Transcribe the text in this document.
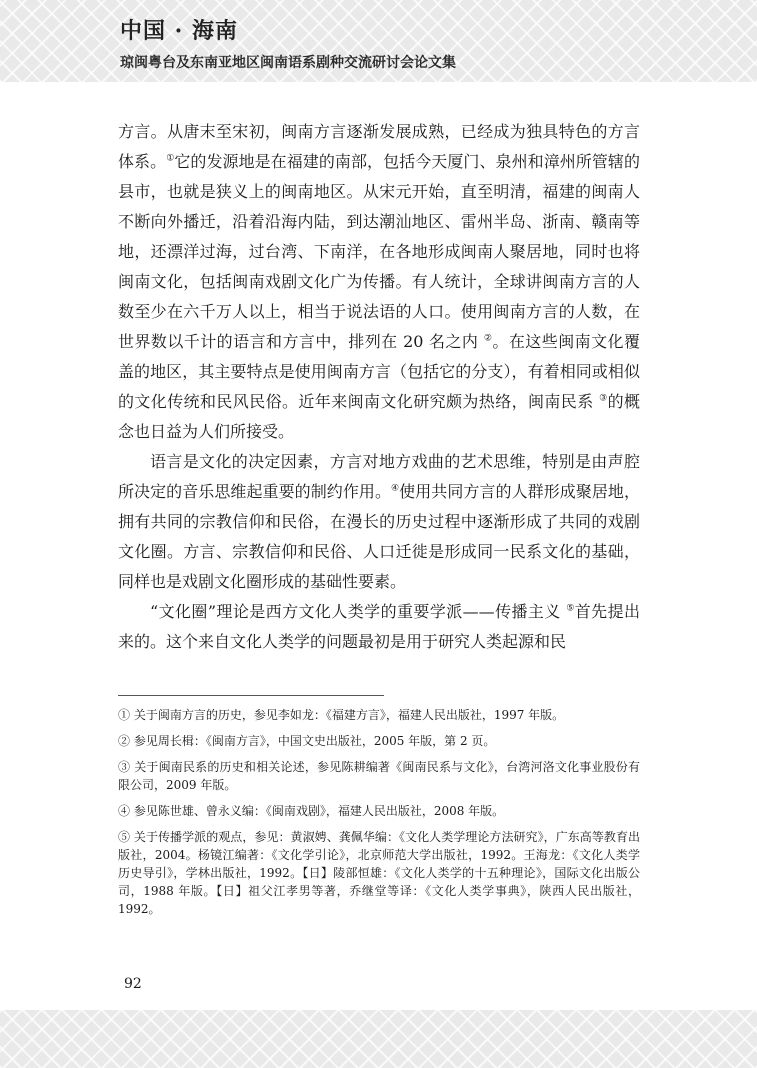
中国 · 海南
琼闽粤台及东南亚地区闽南语系剧种交流研讨会论文集

方言。从唐末至宋初，闽南方言逐渐发展成熟，已经成为独具特色的方言体系。①它的发源地是在福建的南部，包括今天厦门、泉州和漳州所管辖的县市，也就是狭义上的闽南地区。从宋元开始，直至明清，福建的闽南人不断向外播迁，沿着沿海内陆，到达潮汕地区、雷州半岛、浙南、赣南等地，还漂洋过海，过台湾、下南洋，在各地形成闽南人聚居地，同时也将闽南文化，包括闽南戏剧文化广为传播。有人统计，全球讲闽南方言的人数至少在六千万人以上，相当于说法语的人口。使用闽南方言的人数，在世界数以千计的语言和方言中，排列在 20 名之内 ②。在这些闽南文化覆盖的地区，其主要特点是使用闽南方言（包括它的分支），有着相同或相似的文化传统和民风民俗。近年来闽南文化研究颇为热络，闽南民系 ③的概念也日益为人们所接受。

语言是文化的决定因素，方言对地方戏曲的艺术思维，特别是由声腔所决定的音乐思维起重要的制约作用。④使用共同方言的人群形成聚居地，拥有共同的宗教信仰和民俗，在漫长的历史过程中逐渐形成了共同的戏剧文化圈。方言、宗教信仰和民俗、人口迁徙是形成同一民系文化的基础，同样也是戏剧文化圈形成的基础性要素。

“文化圈”理论是西方文化人类学的重要学派——传播主义 ⑤首先提出来的。这个来自文化人类学的问题最初是用于研究人类起源和民

① 关于闽南方言的历史，参见李如龙：《福建方言》，福建人民出版社，1997 年版。

② 参见周长楫：《闽南方言》，中国文史出版社，2005 年版，第 2 页。

③ 关于闽南民系的历史和相关论述，参见陈耕编著《闽南民系与文化》，台湾河洛文化事业股份有限公司，2009 年版。

④ 参见陈世雄、曾永义编：《闽南戏剧》，福建人民出版社，2008 年版。

⑤ 关于传播学派的观点，参见：黄淑娉、龚佩华编：《文化人类学理论方法研究》，广东高等教育出版社，2004。杨镜江编著：《文化学引论》，北京师范大学出版社，1992。王海龙：《文化人类学历史导引》，学林出版社，1992。【日】陵部恒雄：《文化人类学的十五种理论》，国际文化出版公司，1988 年版。【日】祖父江孝男等著，乔继堂等译：《文化人类学事典》，陕西人民出版社，1992。

92
